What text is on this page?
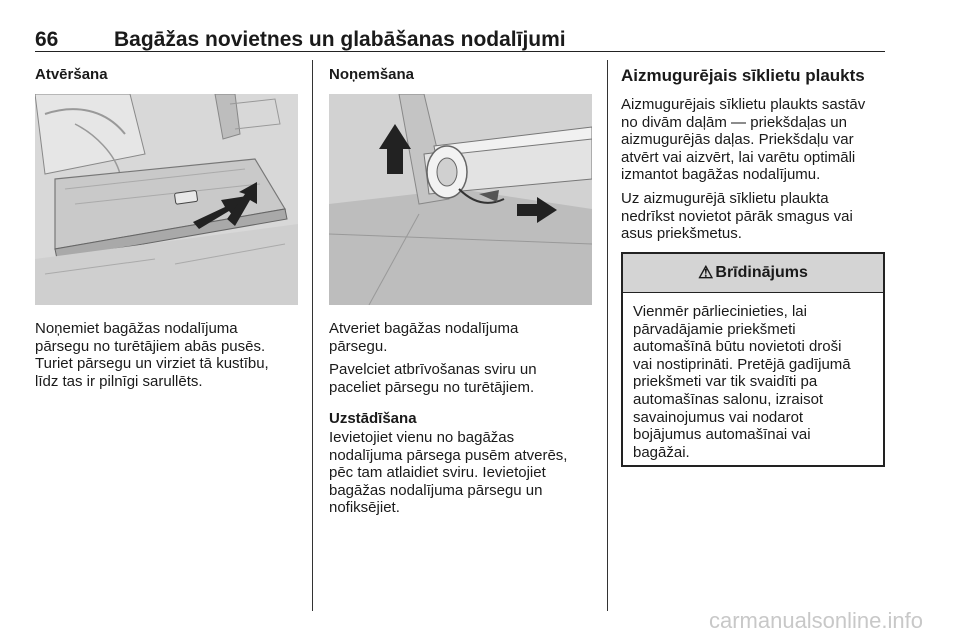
66	Bagāžas novietnes un glabāšanas nodalījumi
Atvēršana
Noņemiet bagāžas nodalījuma
pārsegu no turētājiem abās pusēs.
Turiet pārsegu un virziet tā kustību,
līdz tas ir pilnīgi sarullēts.
Noņemšana
Atveriet bagāžas nodalījuma
pārsegu.
Pavelciet atbrīvošanas sviru un
paceliet pārsegu no turētājiem.
Uzstādīšana
Ievietojiet vienu no bagāžas
nodalījuma pārsega pusēm atverēs,
pēc tam atlaidiet sviru. Ievietojiet
bagāžas nodalījuma pārsegu un
nofiksējiet.
Aizmugurējais sīklietu plaukts
Aizmugurējais sīklietu plaukts sastāv
no divām daļām — priekšdaļas un
aizmugurējās daļas. Priekšdaļu var
atvērt vai aizvērt, lai varētu optimāli
izmantot bagāžas nodalījumu.
Uz aizmugurējā sīklietu plaukta
nedrīkst novietot pārāk smagus vai
asus priekšmetus.
⚠ Brīdinājums
Vienmēr pārliecinieties, lai
pārvadājamie priekšmeti
automašīnā būtu novietoti droši
vai nostiprināti. Pretējā gadījumā
priekšmeti var tik svaidīti pa
automašīnas salonu, izraisot
savainojumus vai nodarot
bojājumus automašīnai vai
bagāžai.
carmanualsonline.info
